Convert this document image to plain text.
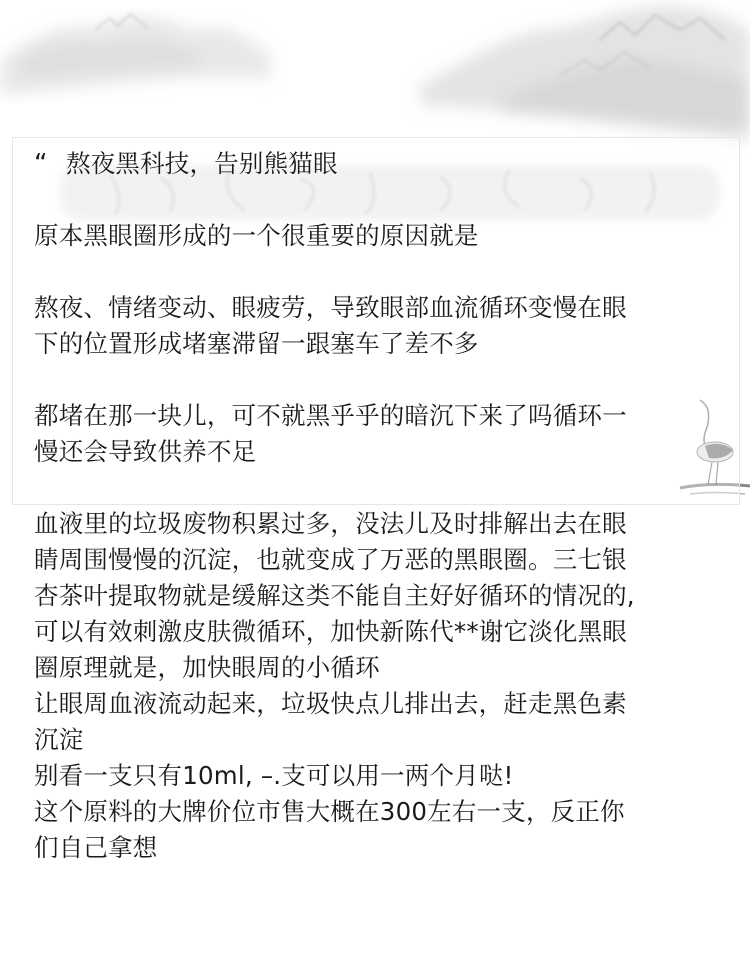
“ 熬夜黑科技，告别熊猫眼
原本黑眼圈形成的一个很重要的原因就是
熬夜、情绪变动、眼疲劳，导致眼部血流循环变慢在眼
下的位置形成堵塞滞留一跟塞车了差不多
都堵在那一块儿，可不就黑乎乎的暗沉下来了吗循环一
慢还会导致供养不足
血液里的垃圾废物积累过多，没法儿及时排解出去在眼
睛周围慢慢的沉淀，也就变成了万恶的黑眼圈。三七银
杏茶叶提取物就是缓解这类不能自主好好循环的情况的,
可以有效刺激皮肤微循环，加快新陈代**谢它淡化黑眼
圈原理就是，加快眼周的小循环
让眼周血液流动起来，垃圾快点儿排出去，赶走黑色素
沉淀
别看一支只有10ml, –.支可以用一两个月哒!
这个原料的大牌价位市售大概在300左右一支，反正你
们自己拿想
